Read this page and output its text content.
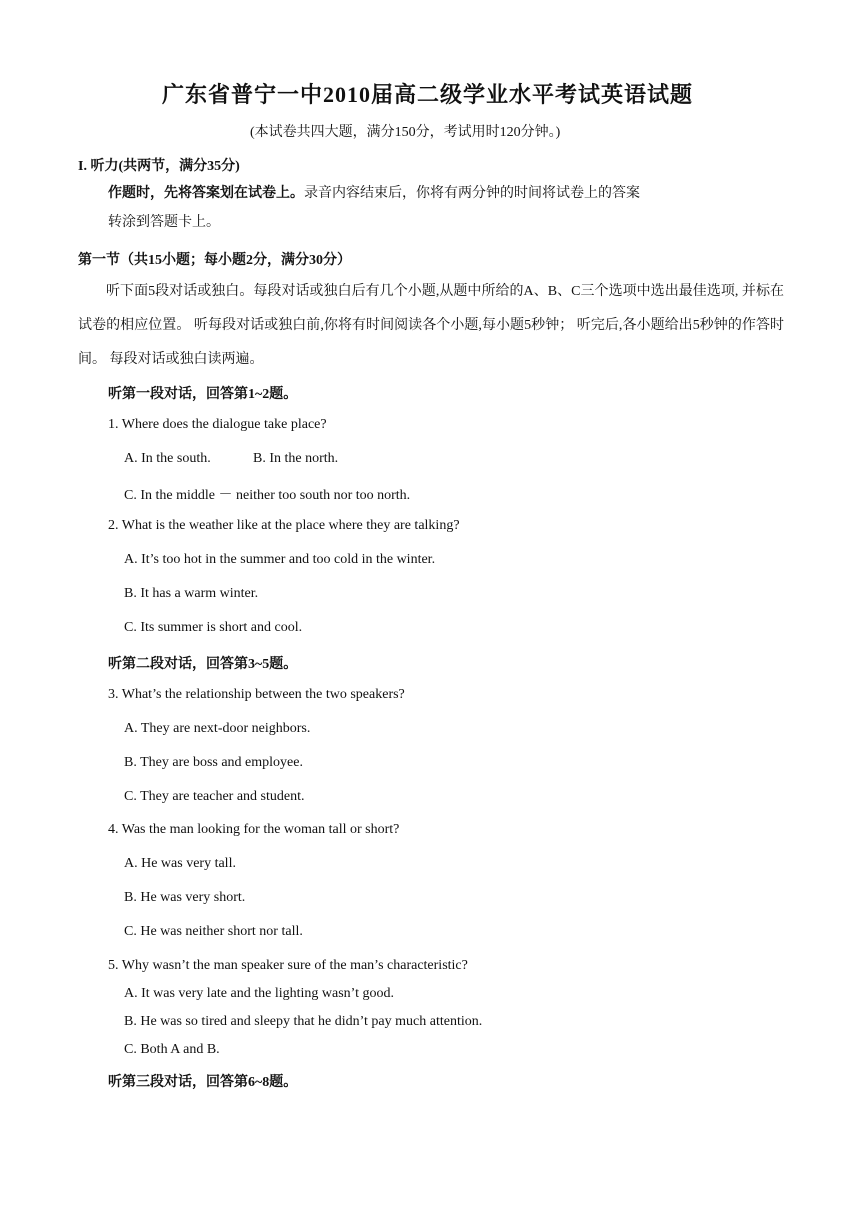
广东省普宁一中2010届高二级学业水平考试英语试题
(本试卷共四大题，满分150分，考试用时120分钟。)
I. 听力(共两节，满分35分)
作题时，先将答案划在试卷上。录音内容结束后，你将有两分钟的时间将试卷上的答案
转涂到答题卡上。
第一节（共15小题；每小题2分，满分30分）
听下面5段对话或独白。每段对话或独白后有几个小题,从题中所给的A、B、C三个选项中选出最佳选项, 并标在试卷的相应位置。 听每段对话或独白前,你将有时间阅读各个小题,每小题5秒钟； 听完后,各小题给出5秒钟的作答时间。 每段对话或独白读两遍。
听第一段对话，回答第1~2题。
1. Where does the dialogue take place?
A. In the south.	B. In the north.
C. In the middle － neither too south nor too north.
2. What is the weather like at the place where they are talking?
A. It’s too hot in the summer and too cold in the winter.
B. It has a warm winter.
C. Its summer is short and cool.
听第二段对话，回答第3~5题。
3. What’s the relationship between the two speakers?
A. They are next-door neighbors.
B. They are boss and employee.
C. They are teacher and student.
4. Was the man looking for the woman tall or short?
A. He was very tall.
B. He was very short.
C. He was neither short nor tall.
5. Why wasn’t the man speaker sure of the man’s characteristic?
A. It was very late and the lighting wasn’t good.
B. He was so tired and sleepy that he didn’t pay much attention.
C. Both A and B.
听第三段对话，回答第6~8题。
